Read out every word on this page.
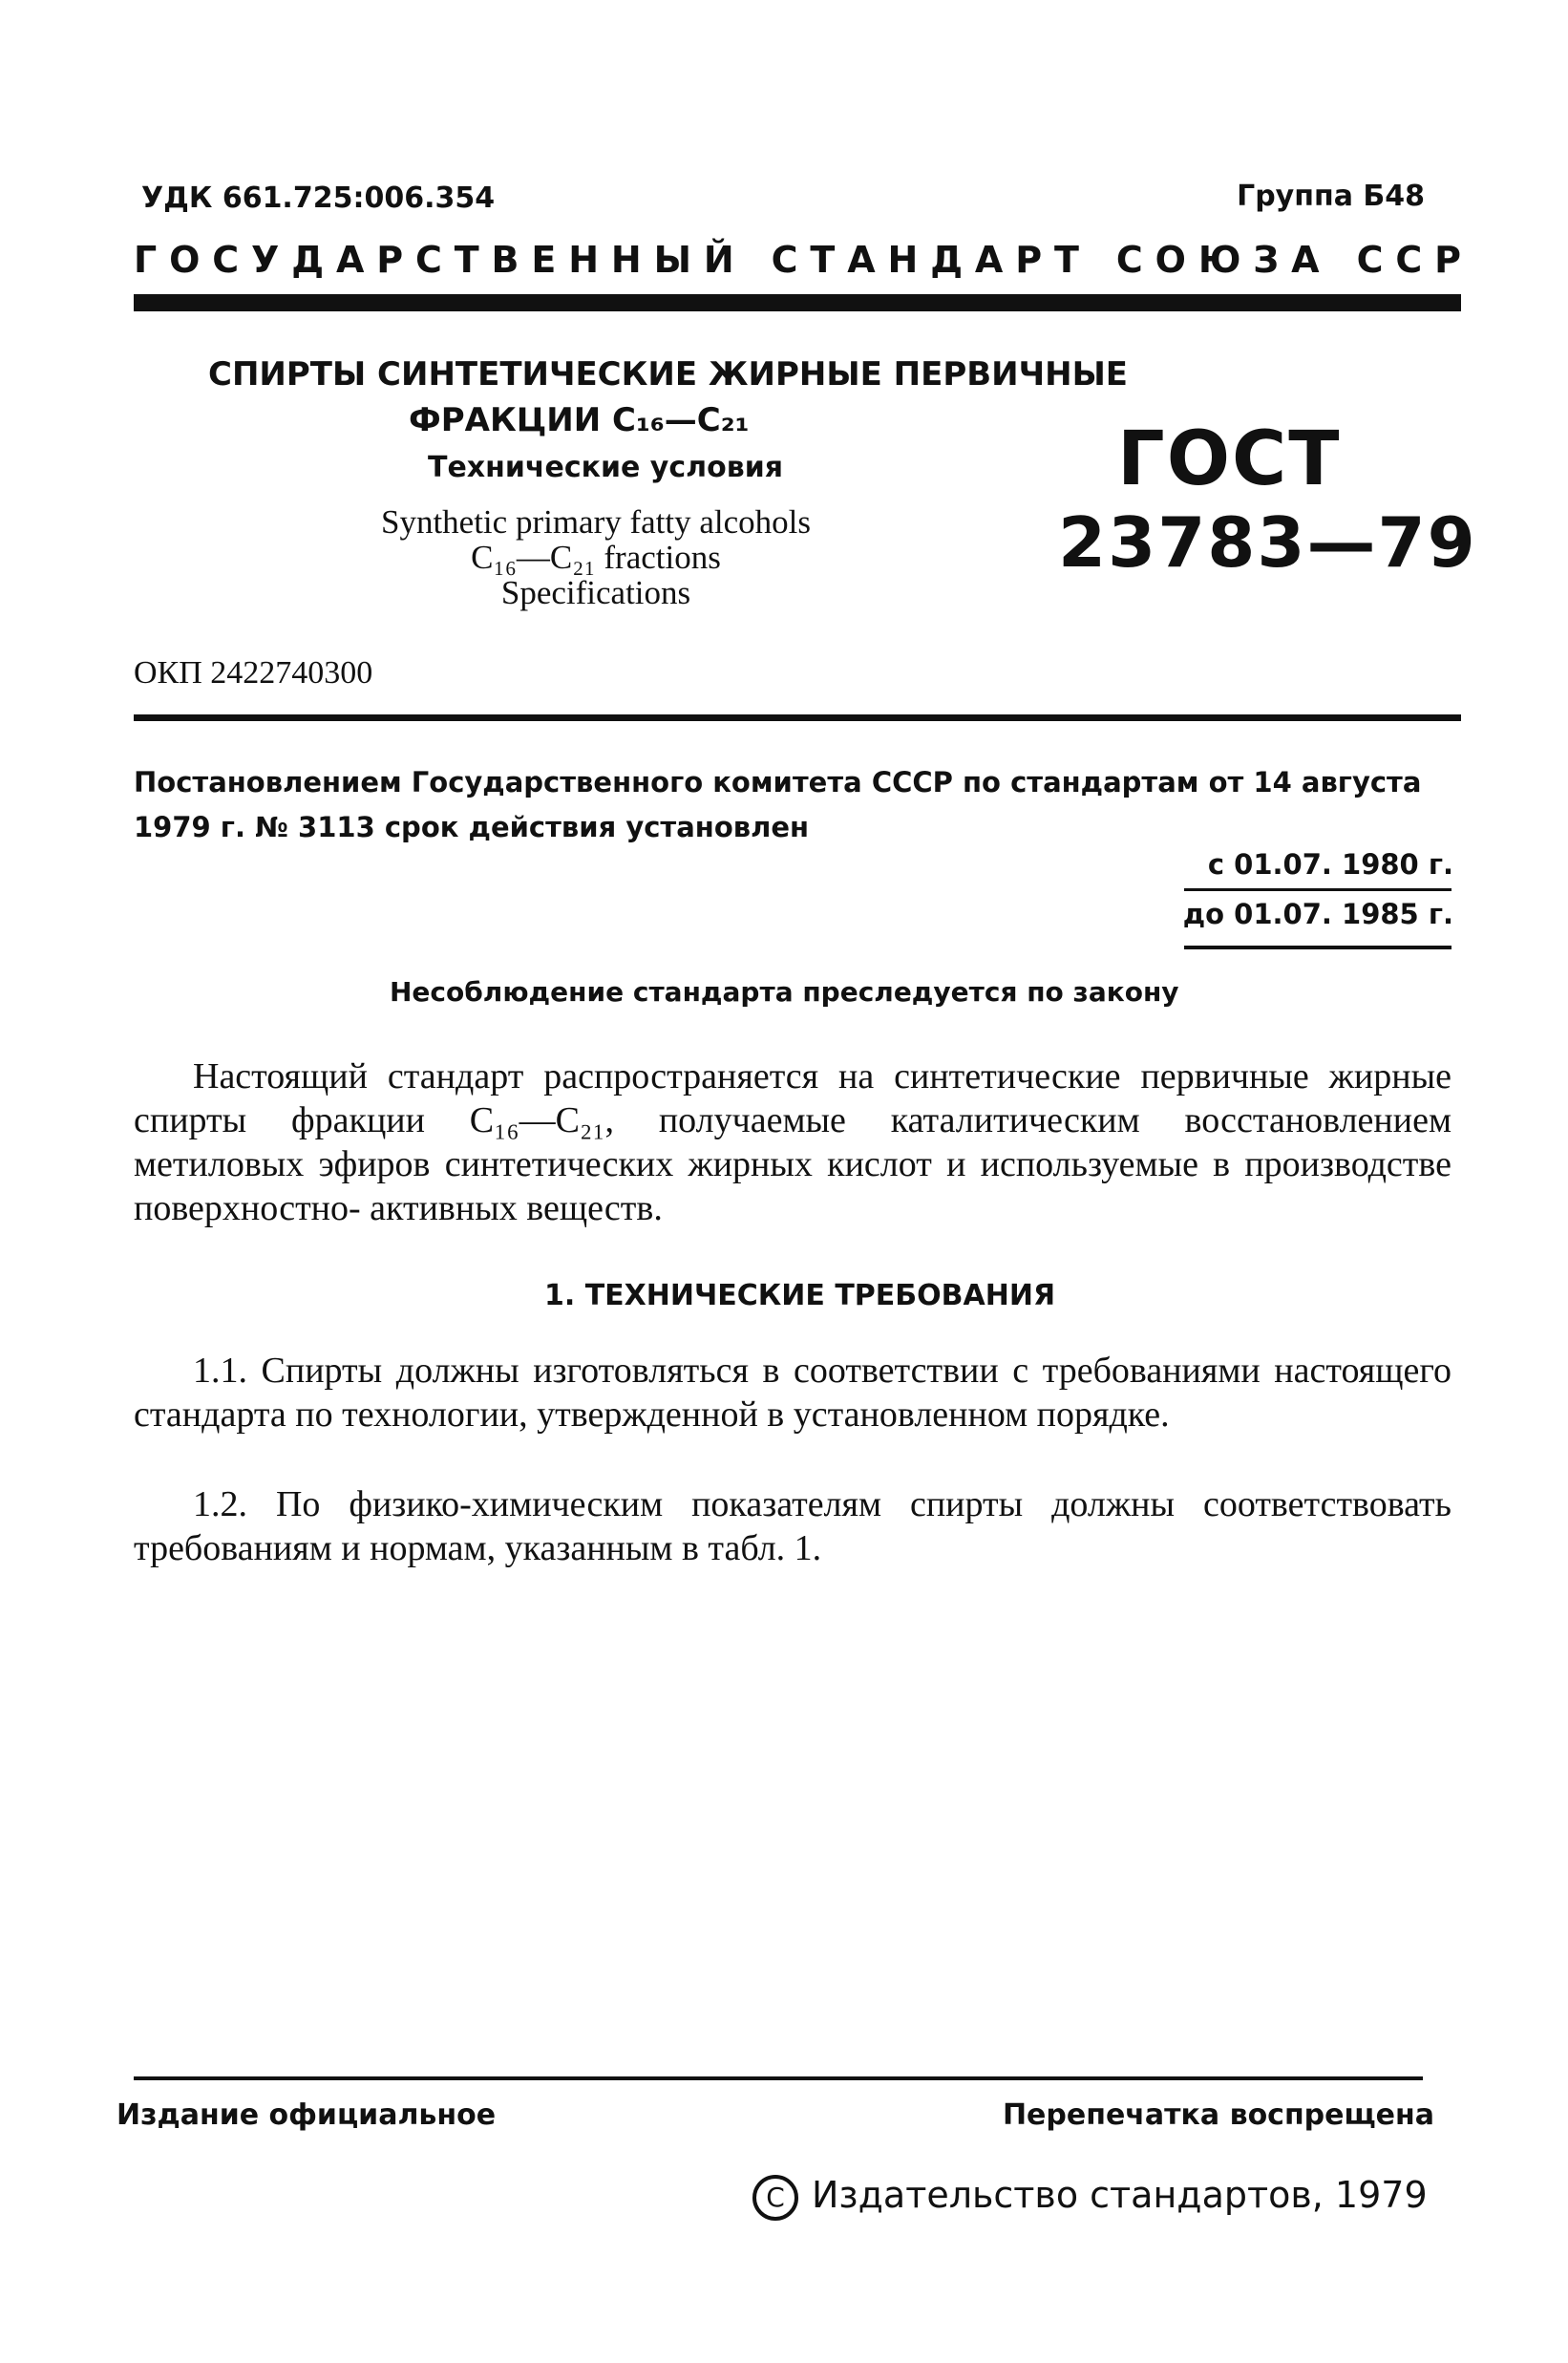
УДК 661.725:006.354	Группа Б48
Г О С У Д А Р С Т В Е Н Н Ы Й
С Т А Н Д А Р Т
С О Ю З А
С С Р
СПИРТЫ СИНТЕТИЧЕСКИЕ ЖИРНЫЕ ПЕРВИЧНЫЕ
ФРАКЦИИ C₁₆—C₂₁
Технические условия
Synthetic primary fatty alcohols
C₁₆—C₂₁ fractions
Specifications
ГОСТ
23783—79
ОКП 2422740300
Постановлением Государственного комитета СССР по стандартам от 14 августа 1979 г. № 3113 срок действия установлен
с 01.07. 1980 г.
до 01.07. 1985 г.
Несоблюдение стандарта преследуется по закону
Настоящий стандарт распространяется на синтетические первичные жирные спирты фракции C₁₆—C₂₁, получаемые каталитическим восстановлением метиловых эфиров синтетических жирных кислот и используемые в производстве поверхностно- активных веществ.
1. ТЕХНИЧЕСКИЕ ТРЕБОВАНИЯ
1.1. Спирты должны изготовляться в соответствии с требованиями настоящего стандарта по технологии, утвержденной в установленном порядке.
1.2. По физико-химическим показателям спирты должны соответствовать требованиям и нормам, указанным в табл. 1.
Издание официальное	Перепечатка воспрещена
C Издательство стандартов, 1979
